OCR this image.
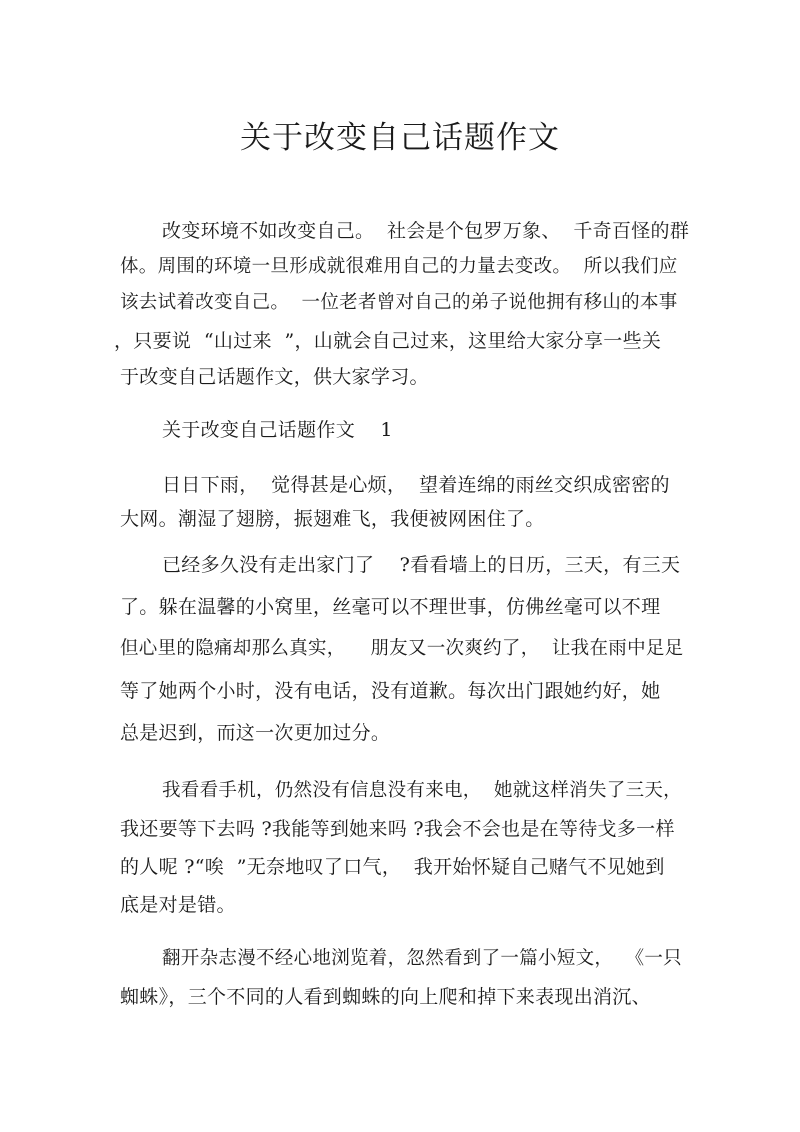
关于改变自己话题作文
改变环境不如改变自己。  社会是个包罗万象、  千奇百怪的群
体。周围的环境一旦形成就很难用自己的力量去变改。  所以我们应
该去试着改变自己。  一位老者曾对自己的弟子说他拥有移山的本事
，只要说  “山过来  ”，山就会自己过来，这里给大家分享一些关
于改变自己话题作文，供大家学习。
关于改变自己话题作文    1
日日下雨，  觉得甚是心烦，  望着连绵的雨丝交织成密密的
大网。潮湿了翅膀，振翅难飞，我便被网困住了。
已经多久没有走出家门了    ?看看墙上的日历，三天，有三天
了。躲在温馨的小窝里，丝毫可以不理世事，仿佛丝毫可以不理
但心里的隐痛却那么真实，    朋友又一次爽约了，  让我在雨中足足
等了她两个小时，没有电话，没有道歉。每次出门跟她约好，她
总是迟到，而这一次更加过分。
我看看手机，仍然没有信息没有来电，  她就这样消失了三天，
我还要等下去吗 ?我能等到她来吗 ?我会不会也是在等待戈多一样
的人呢 ?“唉  ”无奈地叹了口气，  我开始怀疑自己赌气不见她到
底是对是错。
翻开杂志漫不经心地浏览着，忽然看到了一篇小短文，  《一只
蜘蛛》，三个不同的人看到蜘蛛的向上爬和掉下来表现出消沉、
